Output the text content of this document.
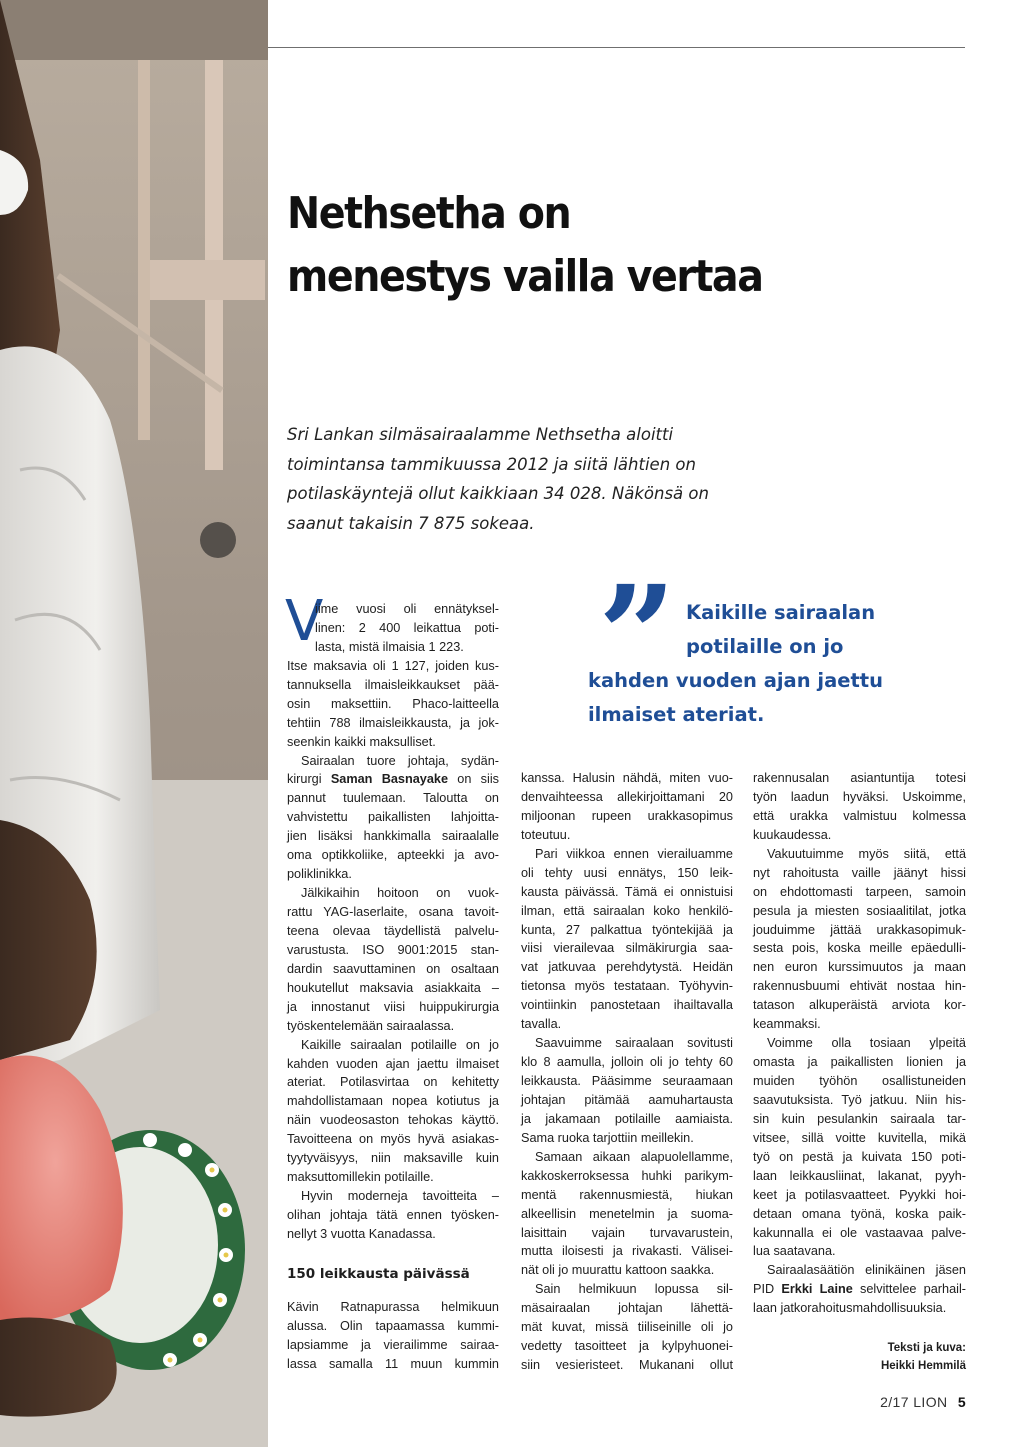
Nethsetha on
menestys vailla vertaa

Sri Lankan silmäsairaalamme Nethsetha aloitti
toimintansa tammikuussa 2012 ja siitä lähtien on
potilaskäyntejä ollut kaikkiaan 34 028. Näkönsä on
saanut takaisin 7 875 sokeaa.

”	Kaikille sairaalan
potilaille on jo
kahden vuoden ajan jaettu
ilmaiset ateriat.

V
iime vuosi oli ennätyksel-
linen: 2 400 leikattua poti-
lasta, mistä ilmaisia 1 223.
Itse maksavia oli 1 127, joiden kus-
tannuksella ilmaisleikkaukset pää-
osin maksettiin. Phaco-laitteella
tehtiin 788 ilmaisleikkausta, ja jok-
seenkin kaikki maksulliset.
Sairaalan tuore johtaja, sydän-
kirurgi Saman Basnayake on siis
pannut tuulemaan. Taloutta on
vahvistettu paikallisten lahjoitta-
jien lisäksi hankkimalla sairaalalle
oma optikkoliike, apteekki ja avo-
poliklinikka.
Jälkikaihin hoitoon on vuok-
rattu YAG-laserlaite, osana tavoit-
teena olevaa täydellistä palvelu-
varustusta. ISO 9001:2015 stan-
dardin saavuttaminen on osaltaan
houkutellut maksavia asiakkaita –
ja innostanut viisi huippukirurgia
työskentelemään sairaalassa.
Kaikille sairaalan potilaille on jo
kahden vuoden ajan jaettu ilmaiset
ateriat. Potilasvirtaa on kehitetty
mahdollistamaan nopea kotiutus ja
näin vuodeosaston tehokas käyttö.
Tavoitteena on myös hyvä asiakas-
tyytyväisyys, niin maksaville kuin
maksuttomillekin potilaille.
Hyvin moderneja tavoitteita –
olihan johtaja tätä ennen työsken-
nellyt 3 vuotta Kanadassa.
150 leikkausta päivässä
Kävin Ratnapurassa helmikuun
alussa. Olin tapaamassa kummi-
lapsiamme ja vierailimme sairaa-
lassa samalla 11 muun kummin
kanssa. Halusin nähdä, miten vuo-
denvaihteessa allekirjoittamani 20
miljoonan rupeen urakkasopimus
toteutuu.
Pari viikkoa ennen vierailuamme
oli tehty uusi ennätys, 150 leik-
kausta päivässä. Tämä ei onnistuisi
ilman, että sairaalan koko henkilö-
kunta, 27 palkattua työntekijää ja
viisi vierailevaa silmäkirurgia saa-
vat jatkuvaa perehdytystä. Heidän
tietonsa myös testataan. Työhyvin-
vointiinkin panostetaan ihailtavalla
tavalla.
Saavuimme sairaalaan sovitusti
klo 8 aamulla, jolloin oli jo tehty 60
leikkausta. Pääsimme seuraamaan
johtajan pitämää aamuhartausta
ja jakamaan potilaille aamiaista.
Sama ruoka tarjottiin meillekin.
Samaan aikaan alapuolellamme,
kakkoskerroksessa huhki parikym-
mentä rakennusmiestä, hiukan
alkeellisin menetelmin ja suoma-
laisittain vajain turvavarustein,
mutta iloisesti ja rivakasti. Välisei-
nät oli jo muurattu kattoon saakka.
Sain helmikuun lopussa sil-
mäsairaalan johtajan lähettä-
mät kuvat, missä tiiliseinille oli jo
vedetty tasoitteet ja kylpyhuonei-
siin vesieristeet. Mukanani ollut
rakennusalan asiantuntija totesi
työn laadun hyväksi. Uskoimme,
että urakka valmistuu kolmessa
kuukaudessa.
Vakuutuimme myös siitä, että
nyt rahoitusta vaille jäänyt hissi
on ehdottomasti tarpeen, samoin
pesula ja miesten sosiaalitilat, jotka
jouduimme jättää urakkasopimuk-
sesta pois, koska meille epäedulli-
nen euron kurssimuutos ja maan
rakennusbuumi ehtivät nostaa hin-
tatason alkuperäistä arviota kor-
keammaksi.
Voimme olla tosiaan ylpeitä
omasta ja paikallisten lionien ja
muiden työhön osallistuneiden
saavutuksista. Työ jatkuu. Niin his-
sin kuin pesulankin sairaala tar-
vitsee, sillä voitte kuvitella, mikä
työ on pestä ja kuivata 150 poti-
laan leikkausliinat, lakanat, pyyh-
keet ja potilasvaatteet. Pyykki hoi-
detaan omana työnä, koska paik-
kakunnalla ei ole vastaavaa palve-
lua saatavana.
Sairaalasäätiön elinikäinen jäsen
PID Erkki Laine selvittelee parhail-
laan jatkorahoitusmahdollisuuksia.
Teksti ja kuva:
Heikki Hemmilä
2/17 LION 5
